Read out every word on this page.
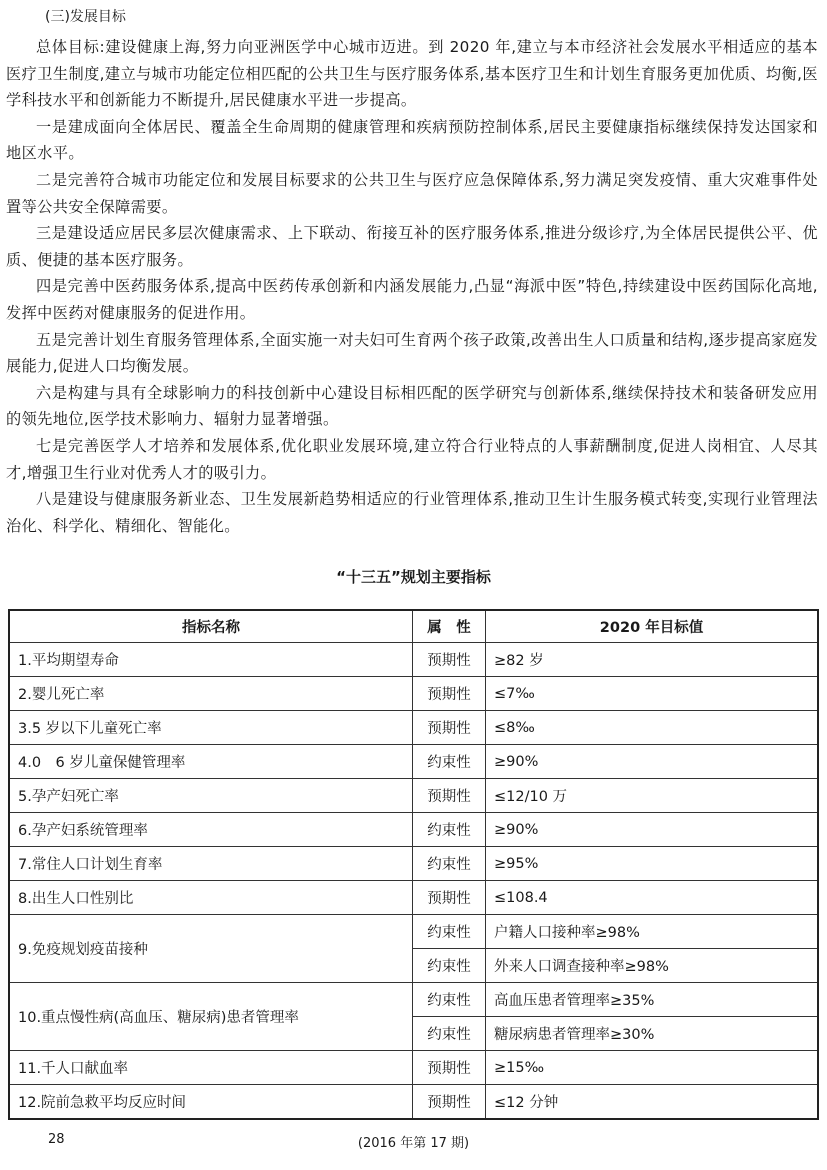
(三)发展目标

总体目标:建设健康上海,努力向亚洲医学中心城市迈进。到 2020 年,建立与本市经济社会发展水平相适应的基本医疗卫生制度,建立与城市功能定位相匹配的公共卫生与医疗服务体系,基本医疗卫生和计划生育服务更加优质、均衡,医学科技水平和创新能力不断提升,居民健康水平进一步提高。

一是建成面向全体居民、覆盖全生命周期的健康管理和疾病预防控制体系,居民主要健康指标继续保持发达国家和地区水平。

二是完善符合城市功能定位和发展目标要求的公共卫生与医疗应急保障体系,努力满足突发疫情、重大灾难事件处置等公共安全保障需要。

三是建设适应居民多层次健康需求、上下联动、衔接互补的医疗服务体系,推进分级诊疗,为全体居民提供公平、优质、便捷的基本医疗服务。

四是完善中医药服务体系,提高中医药传承创新和内涵发展能力,凸显“海派中医”特色,持续建设中医药国际化高地,发挥中医药对健康服务的促进作用。

五是完善计划生育服务管理体系,全面实施一对夫妇可生育两个孩子政策,改善出生人口质量和结构,逐步提高家庭发展能力,促进人口均衡发展。

六是构建与具有全球影响力的科技创新中心建设目标相匹配的医学研究与创新体系,继续保持技术和装备研发应用的领先地位,医学技术影响力、辐射力显著增强。

七是完善医学人才培养和发展体系,优化职业发展环境,建立符合行业特点的人事薪酬制度,促进人岗相宜、人尽其才,增强卫生行业对优秀人才的吸引力。

八是建设与健康服务新业态、卫生发展新趋势相适应的行业管理体系,推动卫生计生服务模式转变,实现行业管理法治化、科学化、精细化、智能化。

“十三五”规划主要指标
指标名称	属　性	2020 年目标值
1.平均期望寿命	预期性	≥82 岁
2.婴儿死亡率	预期性	≤7‰
3.5 岁以下儿童死亡率	预期性	≤8‰
4.0　6 岁儿童保健管理率	约束性	≥90%
5.孕产妇死亡率	预期性	≤12/10 万
6.孕产妇系统管理率	约束性	≥90%
7.常住人口计划生育率	约束性	≥95%
8.出生人口性别比	预期性	≤108.4
9.免疫规划疫苗接种	约束性	户籍人口接种率≥98%
	约束性	外来人口调查接种率≥98%
10.重点慢性病(高血压、糖尿病)患者管理率	约束性	高血压患者管理率≥35%
	约束性	糖尿病患者管理率≥30%
11.千人口献血率	预期性	≥15‰
12.院前急救平均反应时间	预期性	≤12 分钟
28	(2016 年第 17 期)
